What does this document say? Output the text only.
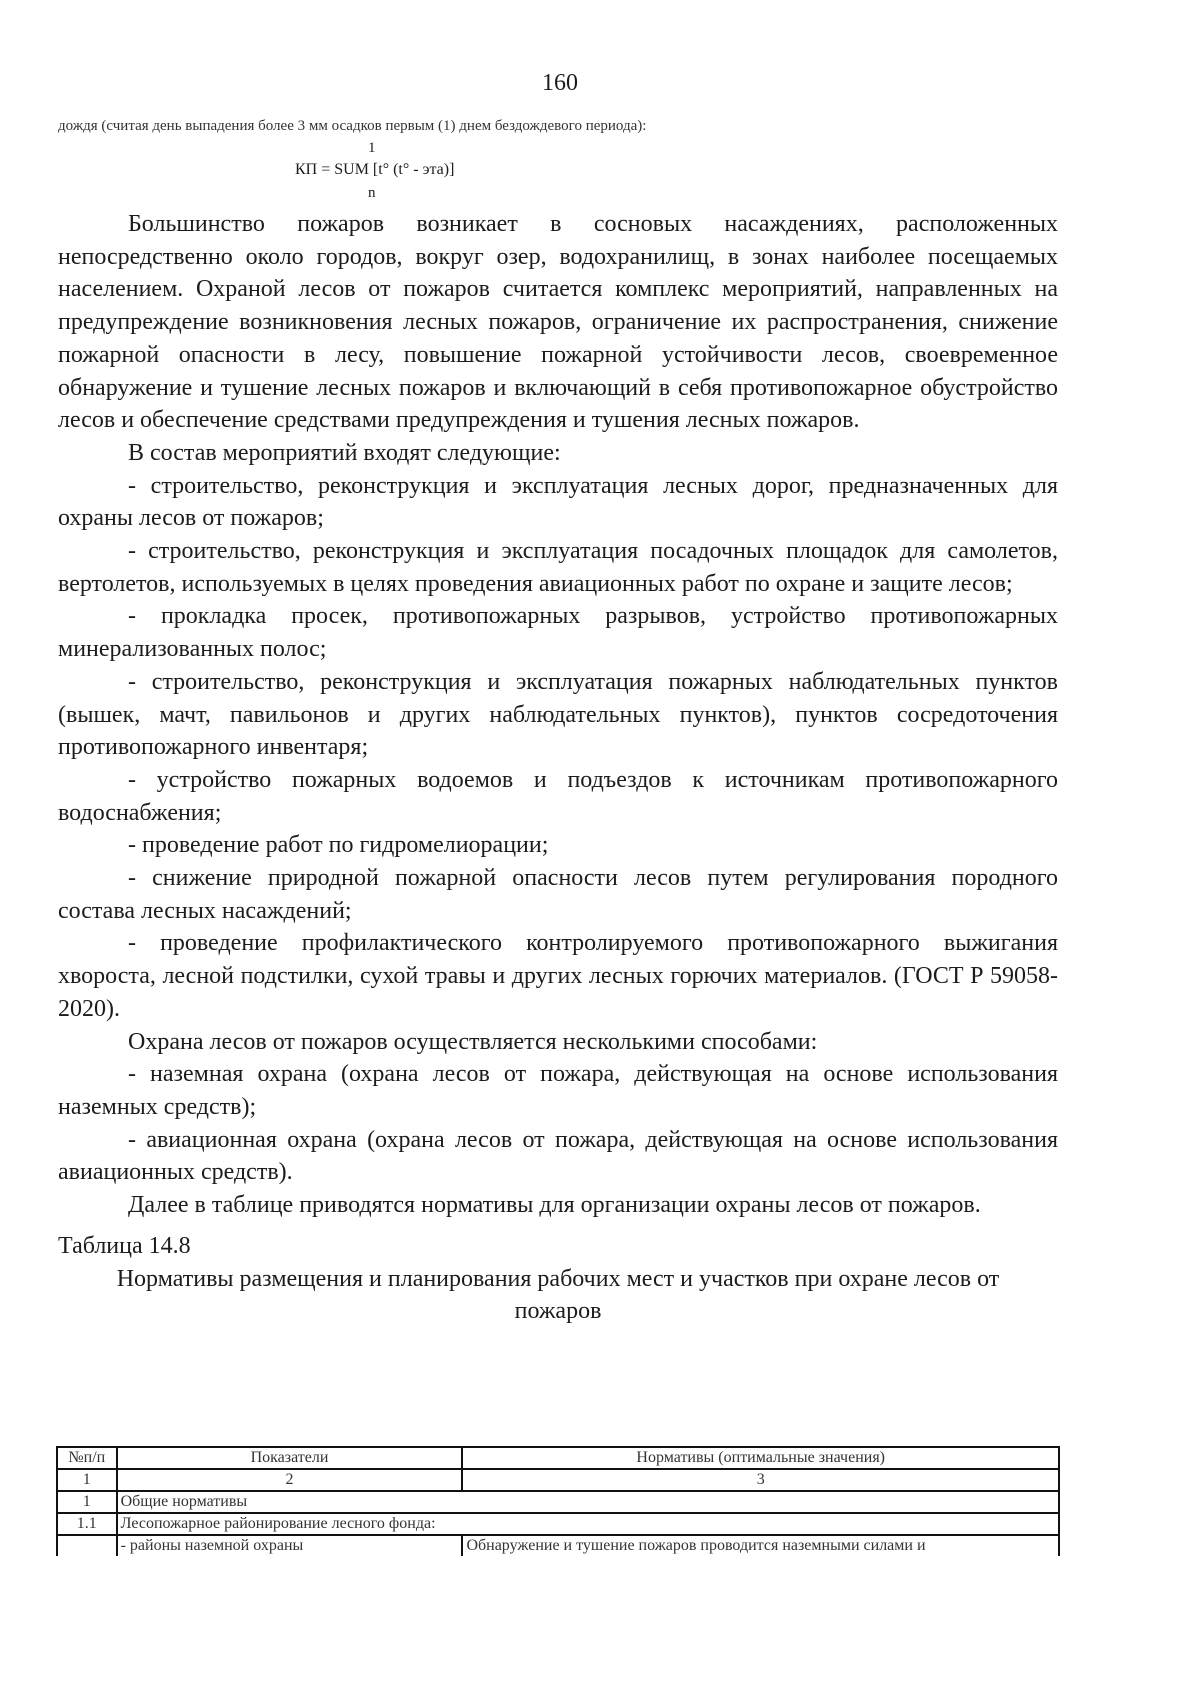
160
дождя (считая день выпадения более 3 мм осадков первым (1) днем бездождевого периода):
1
КП = SUM [t° (t° - эта)]
n

Большинство пожаров возникает в сосновых насаждениях, расположенных непосредственно около городов, вокруг озер, водохранилищ, в зонах наиболее посещаемых населением. Охраной лесов от пожаров считается комплекс мероприятий, направленных на предупреждение возникновения лесных пожаров, ограничение их распространения, снижение пожарной опасности в лесу, повышение пожарной устойчивости лесов, своевременное обнаружение и тушение лесных пожаров и включающий в себя противопожарное обустройство лесов и обеспечение средствами предупреждения и тушения лесных пожаров.

В состав мероприятий входят следующие:

- строительство, реконструкция и эксплуатация лесных дорог, предназначенных для охраны лесов от пожаров;

- строительство, реконструкция и эксплуатация посадочных площадок для самолетов, вертолетов, используемых в целях проведения авиационных работ по охране и защите лесов;

- прокладка просек, противопожарных разрывов, устройство противопожарных минерализованных полос;

- строительство, реконструкция и эксплуатация пожарных наблюдательных пунктов (вышек, мачт, павильонов и других наблюдательных пунктов), пунктов сосредоточения противопожарного инвентаря;

- устройство пожарных водоемов и подъездов к источникам противопожарного водоснабжения;

- проведение работ по гидромелиорации;

- снижение природной пожарной опасности лесов путем регулирования породного состава лесных насаждений;

- проведение профилактического контролируемого противопожарного выжигания хвороста, лесной подстилки, сухой травы и других лесных горючих материалов. (ГОСТ Р 59058-2020).

Охрана лесов от пожаров осуществляется несколькими способами:

- наземная охрана (охрана лесов от пожара, действующая на основе использования наземных средств);

- авиационная охрана (охрана лесов от пожара, действующая на основе использования авиационных средств).

Далее в таблице приводятся нормативы для организации охраны лесов от пожаров.

Таблица 14.8

Нормативы размещения и планирования рабочих мест и участков при охране лесов от пожаров

№п/п	Показатели	Нормативы (оптимальные значения)
1	2	3
1	Общие нормативы	
1.1	Лесопожарное районирование лесного фонда:	
	- районы наземной охраны	Обнаружение и тушение пожаров проводится наземными силами и
